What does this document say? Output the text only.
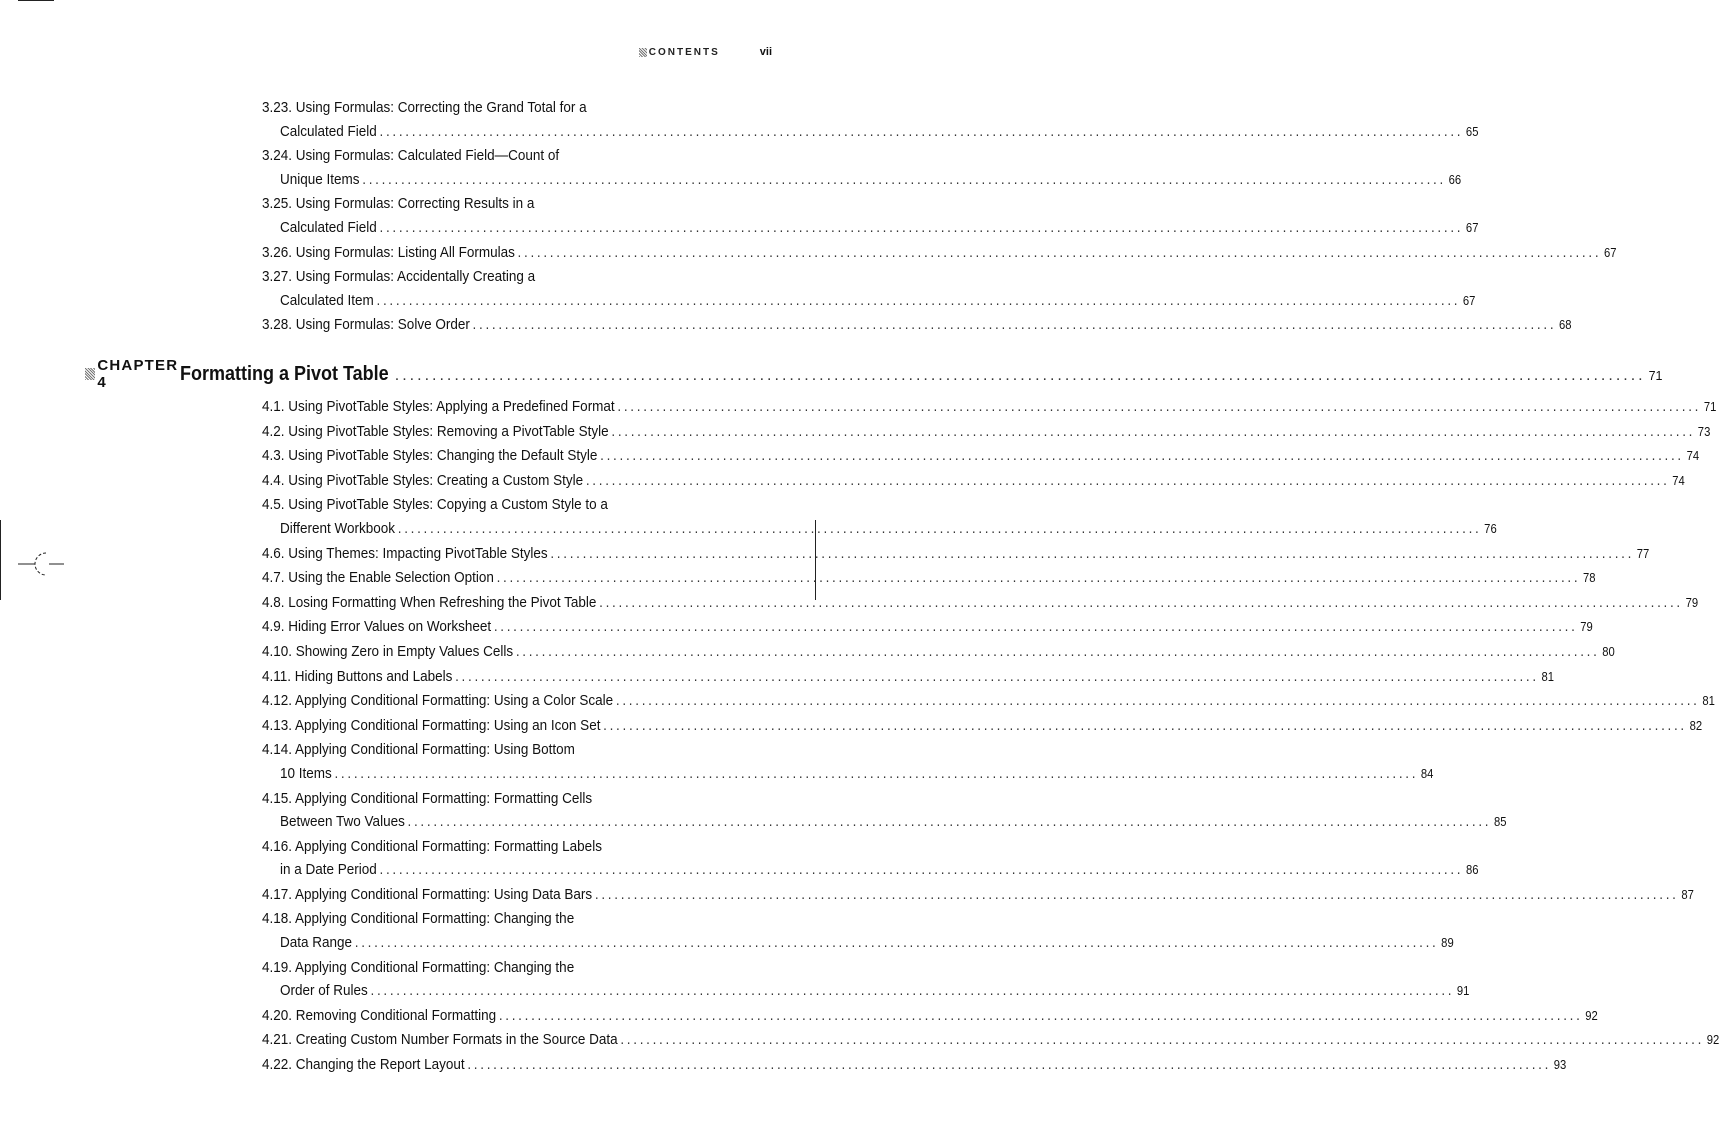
CONTENTS	vii
3.23. Using Formulas: Correcting the Grand Total for a
Calculated Field .....	65
3.24. Using Formulas: Calculated Field—Count of
Unique Items .....	66
3.25. Using Formulas: Correcting Results in a
Calculated Field .....	67
3.26. Using Formulas: Listing All Formulas .....	67
3.27. Using Formulas: Accidentally Creating a
Calculated Item .....	67
3.28. Using Formulas: Solve Order .....	68
CHAPTER 4	Formatting a Pivot Table .....	71
4.1. Using PivotTable Styles: Applying a Predefined Format .....	71
4.2. Using PivotTable Styles: Removing a PivotTable Style .....	73
4.3. Using PivotTable Styles: Changing the Default Style .....	74
4.4. Using PivotTable Styles: Creating a Custom Style .....	74
4.5. Using PivotTable Styles: Copying a Custom Style to a
Different Workbook .....	76
4.6. Using Themes: Impacting PivotTable Styles .....	77
4.7. Using the Enable Selection Option .....	78
4.8. Losing Formatting When Refreshing the Pivot Table .....	79
4.9. Hiding Error Values on Worksheet .....	79
4.10. Showing Zero in Empty Values Cells .....	80
4.11. Hiding Buttons and Labels .....	81
4.12. Applying Conditional Formatting: Using a Color Scale .....	81
4.13. Applying Conditional Formatting: Using an Icon Set .....	82
4.14. Applying Conditional Formatting: Using Bottom
10 Items .....	84
4.15. Applying Conditional Formatting: Formatting Cells
Between Two Values .....	85
4.16. Applying Conditional Formatting: Formatting Labels
in a Date Period .....	86
4.17. Applying Conditional Formatting: Using Data Bars .....	87
4.18. Applying Conditional Formatting: Changing the
Data Range .....	89
4.19. Applying Conditional Formatting: Changing the
Order of Rules .....	91
4.20. Removing Conditional Formatting .....	92
4.21. Creating Custom Number Formats in the Source Data .....	92
4.22. Changing the Report Layout .....	93
